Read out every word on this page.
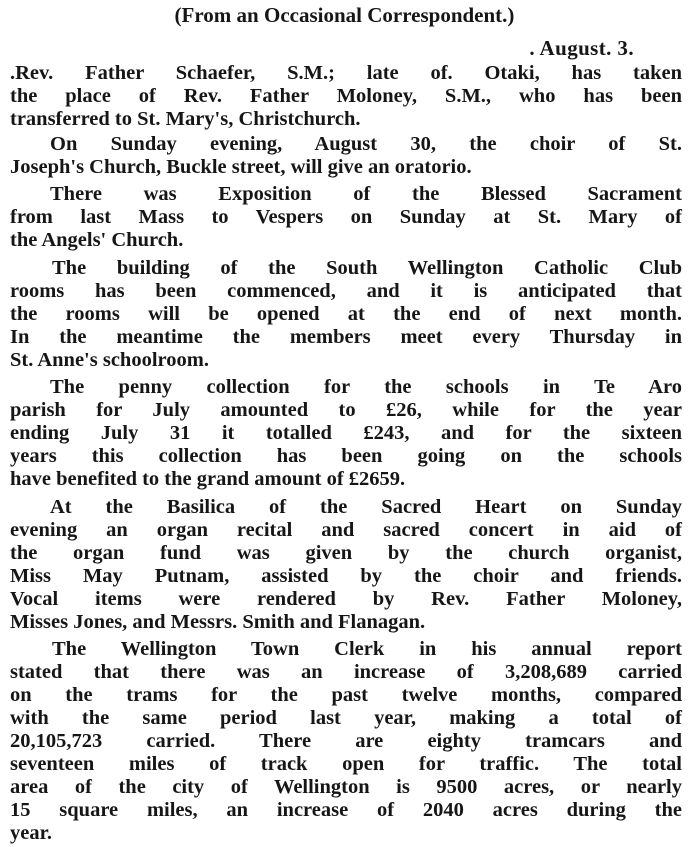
(From an Occasional Correspondent.)
. August. 3.
.Rev. Father Schaefer, S.M.; late of. Otaki, has taken
the place of Rev. Father Moloney, S.M., who has been
transferred to St. Mary's, Christchurch.
On Sunday evening, August 30, the choir of St.
Joseph's Church, Buckle street, will give an oratorio.
There was Exposition of the Blessed Sacrament
from last Mass to Vespers on Sunday at St. Mary of
the Angels' Church.
The building of the South Wellington Catholic Club
rooms has been commenced, and it is anticipated that
the rooms will be opened at the end of next month.
In the meantime the members meet every Thursday in
St. Anne's schoolroom.
The penny collection for the schools in Te Aro
parish for July amounted to £26, while for the year
ending July 31 it totalled £243, and for the sixteen
years this collection has been going on the schools
have benefited to the grand amount of £2659.
At the Basilica of the Sacred Heart on Sunday
evening an organ recital and sacred concert in aid of
the organ fund was given by the church organist,
Miss May Putnam, assisted by the choir and friends.
Vocal items were rendered by Rev. Father Moloney,
Misses Jones, and Messrs. Smith and Flanagan.
The Wellington Town Clerk in his annual report
stated that there was an increase of 3,208,689 carried
on the trams for the past twelve months, compared
with the same period last year, making a total of
20,105,723 carried. There are eighty tramcars and
seventeen miles of track open for traffic. The total
area of the city of Wellington is 9500 acres, or nearly
15 square miles, an increase of 2040 acres during the
year.
